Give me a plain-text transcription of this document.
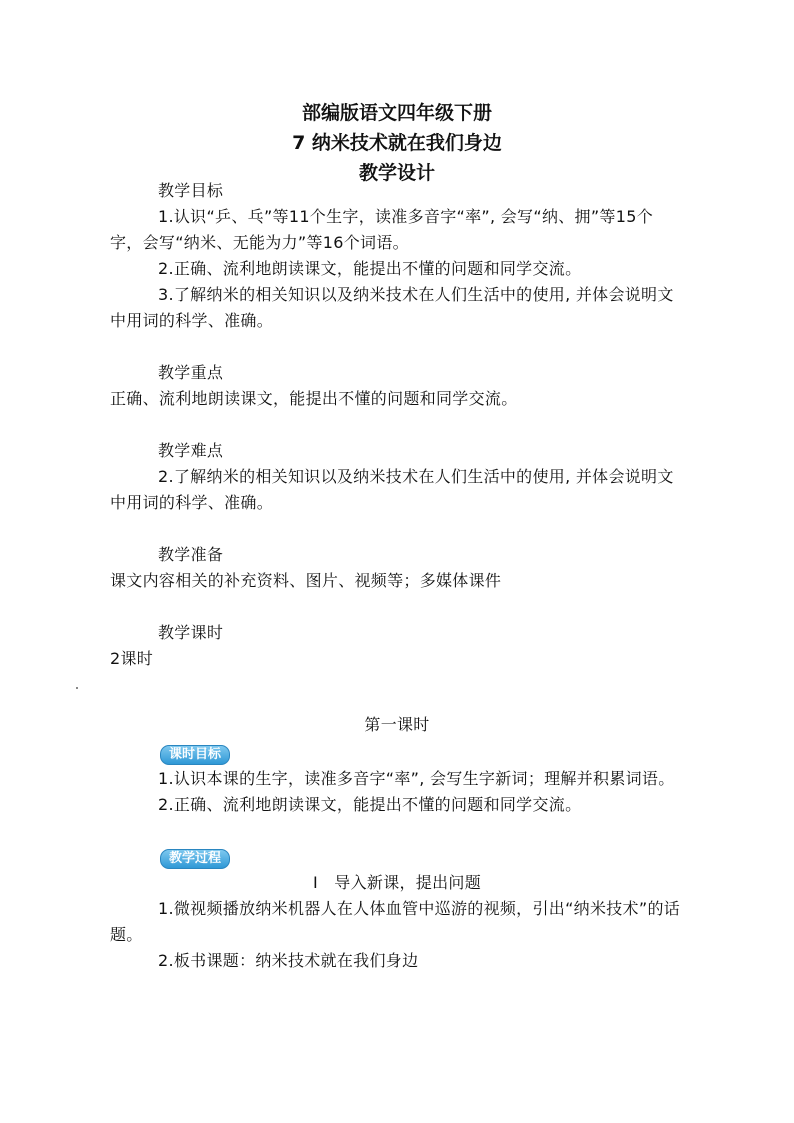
部编版语文四年级下册
7 纳米技术就在我们身边
教学设计

教学目标

1.认识“乒、乓”等11个生字，读准多音字“率”, 会写“纳、拥”等15个字，会写“纳米、无能为力”等16个词语。

2.正确、流利地朗读课文，能提出不懂的问题和同学交流。

3.了解纳米的相关知识以及纳米技术在人们生活中的使用, 并体会说明文中用词的科学、准确。

教学重点

正确、流利地朗读课文，能提出不懂的问题和同学交流。

教学难点

2.了解纳米的相关知识以及纳米技术在人们生活中的使用, 并体会说明文中用词的科学、准确。

教学准备

课文内容相关的补充资料、图片、视频等；多媒体课件

教学课时

2课时

第一课时

课时目标

1.认识本课的生字，读准多音字“率”, 会写生字新词；理解并积累词语。

2.正确、流利地朗读课文，能提出不懂的问题和同学交流。

教学过程

Ⅰ　导入新课，提出问题

1.微视频播放纳米机器人在人体血管中巡游的视频，引出“纳米技术”的话题。

2.板书课题：纳米技术就在我们身边
